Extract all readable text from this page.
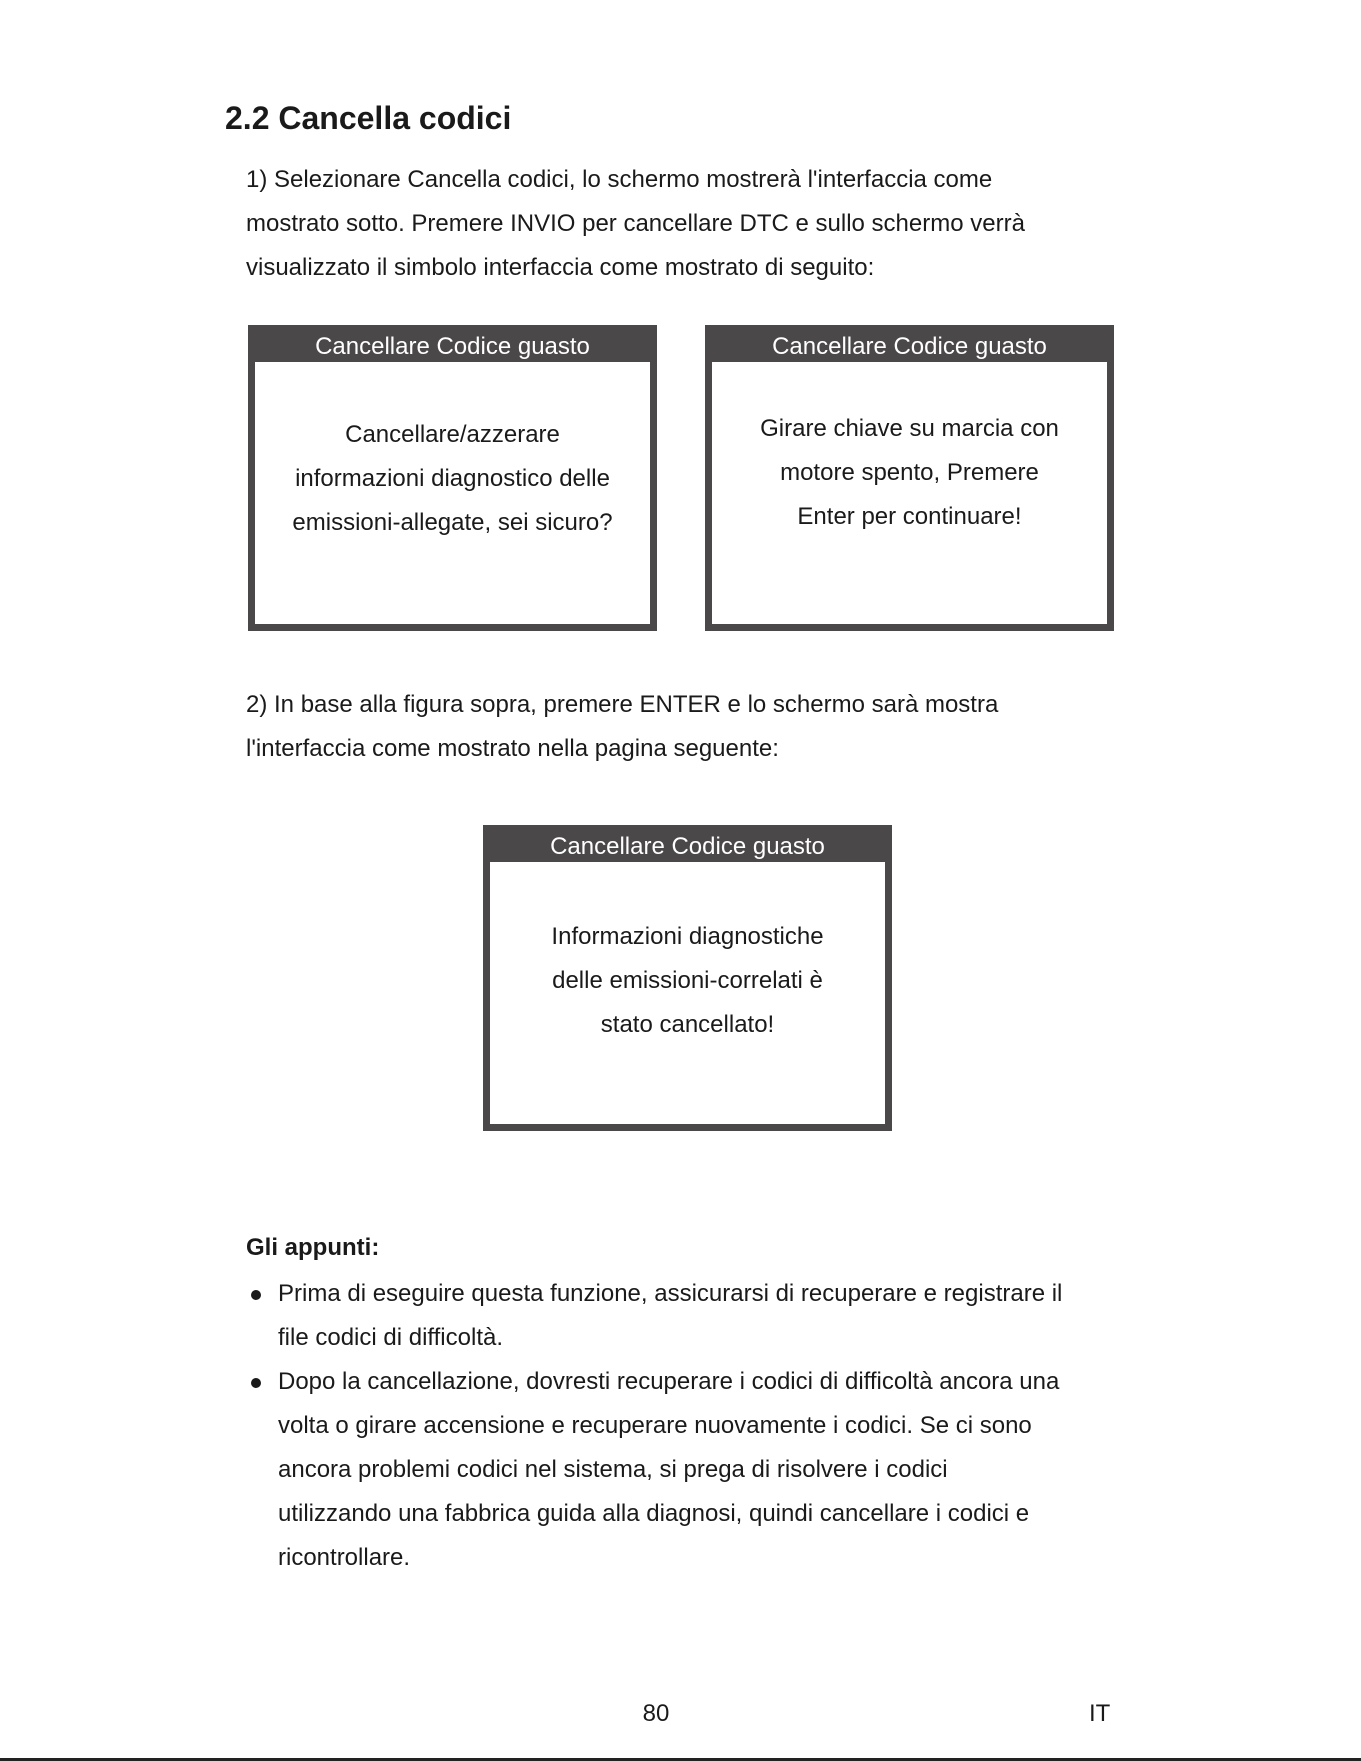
2.2 Cancella codici
1) Selezionare Cancella codici, lo schermo mostrerà l'interfaccia come
mostrato sotto. Premere INVIO per cancellare DTC e sullo schermo verrà
visualizzato il simbolo interfaccia come mostrato di seguito:
Cancellare Codice guasto
Cancellare/azzerare
informazioni diagnostico delle
emissioni-allegate, sei sicuro?
Cancellare Codice guasto
Girare chiave su marcia con
motore spento, Premere
Enter per continuare!
2) In base alla figura sopra, premere ENTER e lo schermo sarà mostra
l'interfaccia come mostrato nella pagina seguente:
Cancellare Codice guasto
Informazioni diagnostiche
delle emissioni-correlati è
stato cancellato!
Gli appunti:
Prima di eseguire questa funzione, assicurarsi di recuperare e registrare il
file codici di difficoltà.
Dopo la cancellazione, dovresti recuperare i codici di difficoltà ancora una
volta o girare accensione e recuperare nuovamente i codici. Se ci sono
ancora problemi codici nel sistema, si prega di risolvere i codici
utilizzando una fabbrica guida alla diagnosi, quindi cancellare i codici e
ricontrollare.
80	IT
